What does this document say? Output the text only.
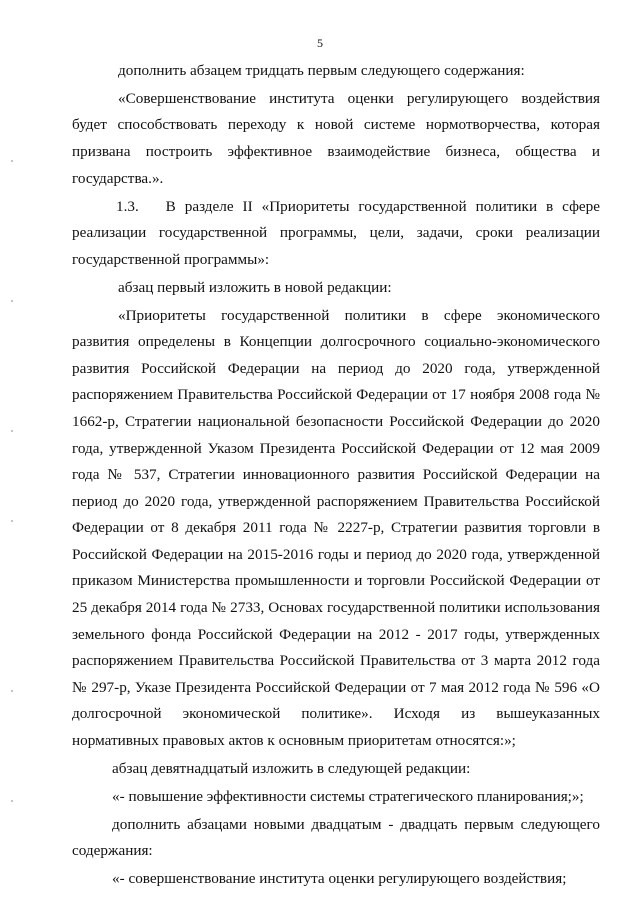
5

дополнить абзацем тридцать первым следующего содержания:

«Совершенствование института оценки регулирующего воздействия будет способствовать переходу к новой системе нормотворчества, которая призвана построить эффективное взаимодействие бизнеса, общества и государства.».

1.3.   В разделе II «Приоритеты государственной политики в сфере реализации государственной программы, цели, задачи, сроки реализации государственной программы»:

абзац первый изложить в новой редакции:

«Приоритеты государственной политики в сфере экономического развития определены в Концепции долгосрочного социально-экономического развития Российской Федерации на период до 2020 года, утвержденной распоряжением Правительства Российской Федерации от 17 ноября 2008 года № 1662-р, Стратегии национальной безопасности Российской Федерации до 2020 года, утвержденной Указом Президента Российской Федерации от 12 мая 2009 года № 537, Стратегии инновационного развития Российской Федерации на период до 2020 года, утвержденной распоряжением Правительства Российской Федерации от 8 декабря 2011 года № 2227-р, Стратегии развития торговли в Российской Федерации на 2015-2016 годы и период до 2020 года, утвержденной приказом Министерства промышленности и торговли Российской Федерации от 25 декабря 2014 года № 2733, Основах государственной политики использования земельного фонда Российской Федерации на 2012 - 2017 годы, утвержденных распоряжением Правительства Российской Правительства от 3 марта 2012 года № 297-р, Указе Президента Российской Федерации от 7 мая 2012 года № 596 «О долгосрочной экономической политике». Исходя из вышеуказанных нормативных правовых актов к основным приоритетам относятся:»;

абзац девятнадцатый изложить в следующей редакции:

«- повышение эффективности системы стратегического планирования;»;

дополнить абзацами новыми двадцатым - двадцать первым следующего содержания:

«- совершенствование института оценки регулирующего воздействия;
